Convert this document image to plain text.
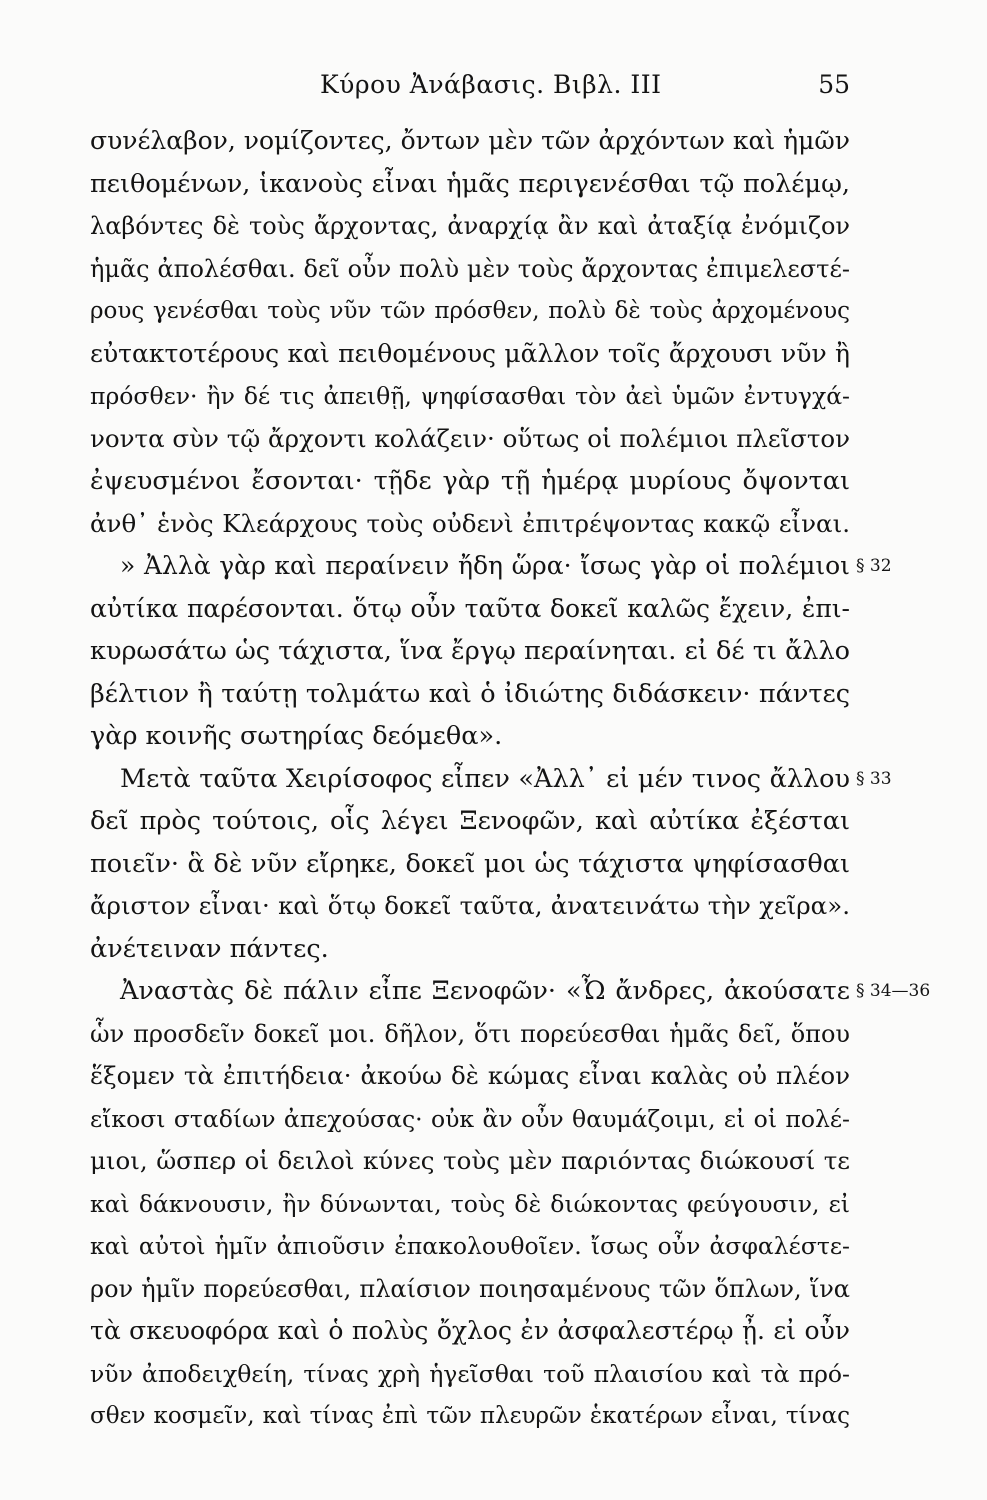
Κύρου Ἀνάβασις. Βιβλ. ΙΙΙ	55
συνέλαβον, νομίζοντες, ὄντων μὲν τῶν ἀρχόντων καὶ ἡμῶν
πειθομένων, ἱκανοὺς εἶναι ἡμᾶς περιγενέσθαι τῷ πολέμῳ,
λαβόντες δὲ τοὺς ἄρχοντας, ἀναρχίᾳ ἂν καὶ ἀταξίᾳ ἐνόμιζον
ἡμᾶς ἀπολέσθαι. δεῖ οὖν πολὺ μὲν τοὺς ἄρχοντας ἐπιμελεστέ-
ρους γενέσθαι τοὺς νῦν τῶν πρόσθεν, πολὺ δὲ τοὺς ἀρχομένους
εὐτακτοτέρους καὶ πειθομένους μᾶλλον τοῖς ἄρχουσι νῦν ἢ
πρόσθεν· ἢν δέ τις ἀπειθῇ, ψηφίσασθαι τὸν ἀεὶ ὑμῶν ἐντυγχά-
νοντα σὺν τῷ ἄρχοντι κολάζειν· οὕτως οἱ πολέμιοι πλεῖστον
ἐψευσμένοι ἔσονται· τῇδε γὰρ τῇ ἡμέρᾳ μυρίους ὄψονται
ἀνθ᾽ ἑνὸς Κλεάρχους τοὺς οὐδενὶ ἐπιτρέψοντας κακῷ εἶναι.
» Ἀλλὰ γὰρ καὶ περαίνειν ἤδη ὥρα· ἴσως γὰρ οἱ πολέμιοι § 32
αὐτίκα παρέσονται. ὅτῳ οὖν ταῦτα δοκεῖ καλῶς ἔχειν, ἐπι-
κυρωσάτω ὡς τάχιστα, ἵνα ἔργῳ περαίνηται. εἰ δέ τι ἄλλο
βέλτιον ἢ ταύτῃ τολμάτω καὶ ὁ ἰδιώτης διδάσκειν· πάντες
γὰρ κοινῆς σωτηρίας δεόμεθα».
Μετὰ ταῦτα Χειρίσοφος εἶπεν «Ἀλλ᾽ εἰ μέν τινος ἄλλου § 33
δεῖ πρὸς τούτοις, οἷς λέγει Ξενοφῶν, καὶ αὐτίκα ἐξέσται
ποιεῖν· ἃ δὲ νῦν εἴρηκε, δοκεῖ μοι ὡς τάχιστα ψηφίσασθαι
ἄριστον εἶναι· καὶ ὅτῳ δοκεῖ ταῦτα, ἀνατεινάτω τὴν χεῖρα».
ἀνέτειναν πάντες.
Ἀναστὰς δὲ πάλιν εἶπε Ξενοφῶν· «Ὦ ἄνδρες, ἀκούσατε § 34—36
ὧν προσδεῖν δοκεῖ μοι. δῆλον, ὅτι πορεύεσθαι ἡμᾶς δεῖ, ὅπου
ἕξομεν τὰ ἐπιτήδεια· ἀκούω δὲ κώμας εἶναι καλὰς οὐ πλέον
εἴκοσι σταδίων ἀπεχούσας· οὐκ ἂν οὖν θαυμάζοιμι, εἰ οἱ πολέ-
μιοι, ὥσπερ οἱ δειλοὶ κύνες τοὺς μὲν παριόντας διώκουσί τε
καὶ δάκνουσιν, ἢν δύνωνται, τοὺς δὲ διώκοντας φεύγουσιν, εἰ
καὶ αὐτοὶ ἡμῖν ἀπιοῦσιν ἐπακολουθοῖεν. ἴσως οὖν ἀσφαλέστε-
ρον ἡμῖν πορεύεσθαι, πλαίσιον ποιησαμένους τῶν ὅπλων, ἵνα
τὰ σκευοφόρα καὶ ὁ πολὺς ὄχλος ἐν ἀσφαλεστέρῳ ᾖ. εἰ οὖν
νῦν ἀποδειχθείη, τίνας χρὴ ἡγεῖσθαι τοῦ πλαισίου καὶ τὰ πρό-
σθεν κοσμεῖν, καὶ τίνας ἐπὶ τῶν πλευρῶν ἑκατέρων εἶναι, τίνας
